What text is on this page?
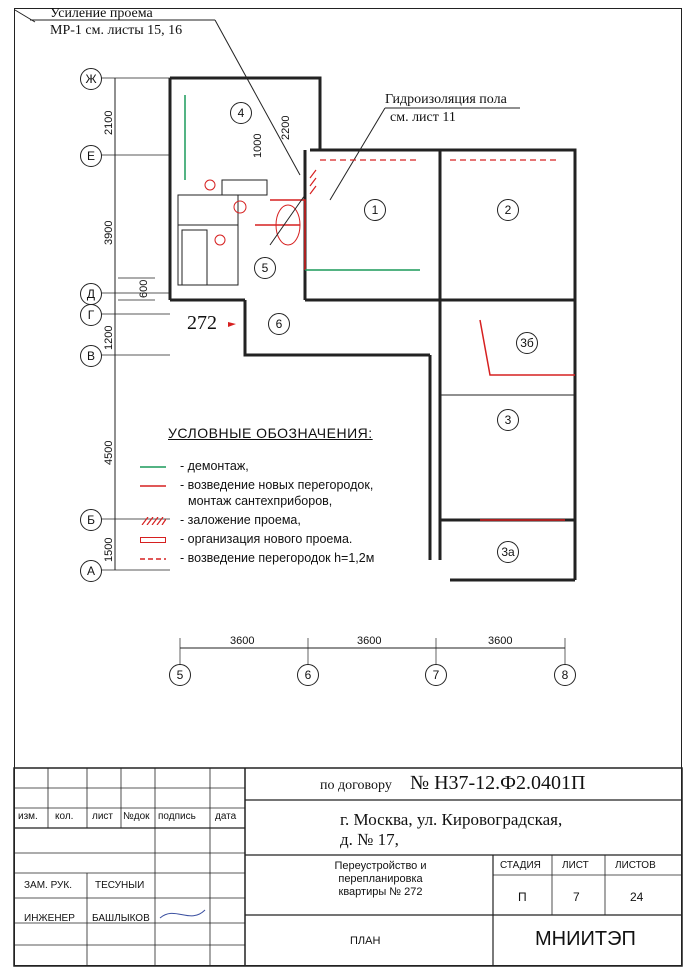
Усиление проема
МР-1 см. листы 15, 16
Гидроизоляция пола
см. лист 11
Ж
Е
Д
Г
В
Б
А
5	6	7	8
2100
3900
600
1200
4500
1500
2200
1000
3600	3600	3600
272
1	2
3
3а
3б
4
5
6
УСЛОВНЫЕ ОБОЗНАЧЕНИЯ:
- демонтаж,
- возведение новых перегородок,
монтаж сантехприборов,
- заложение проема,
- организация нового проема.
- возведение перегородок h=1,2м
по договору № Н37-12.Ф2.0401П
г. Москва, ул. Кировоградская,
д. № 17,
изм. кол. лист №док подпись дата
ЗАМ. РУК. ТЕСУНЫИ
ИНЖЕНЕР БАШЛЫКОВ
Переустройство и перепланировка квартиры № 272
СТАДИЯ ЛИСТ	ЛИСТОВ
П	7	24
ПЛАН	МНИИТЭП
